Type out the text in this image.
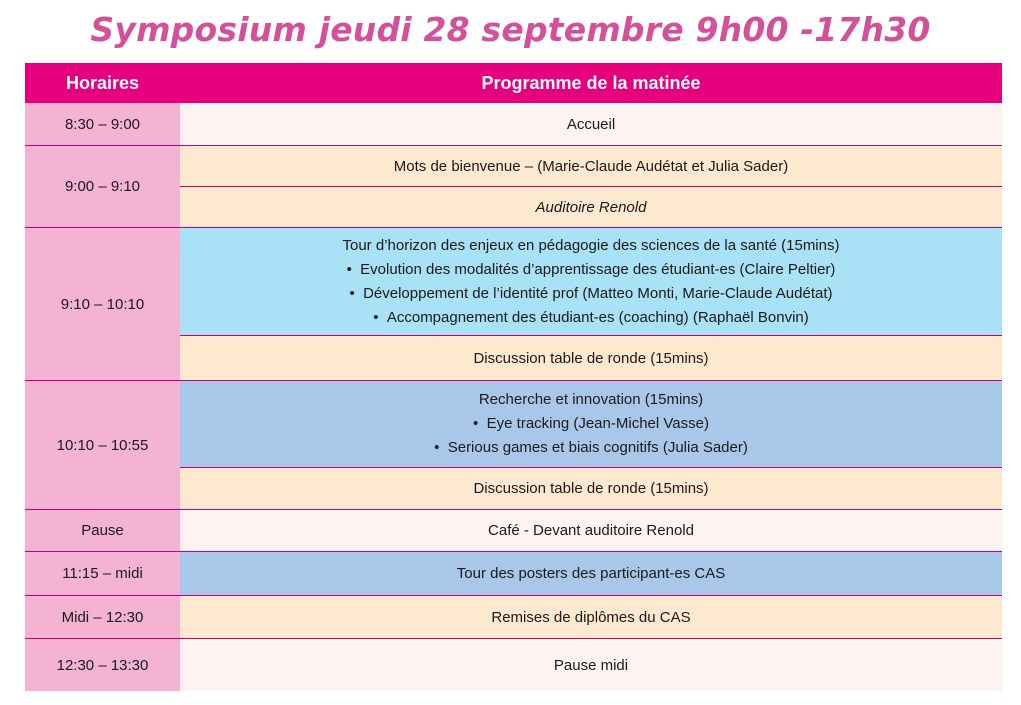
Symposium jeudi 28 septembre 9h00 -17h30
Horaires	Programme de la matinée
8:30 – 9:00	Accueil
9:00 – 9:10	Mots de bienvenue – (Marie-Claude Audétat et Julia Sader)
	Auditoire Renold
9:10 – 10:10	Tour d’horizon des enjeux en pédagogie des sciences de la santé (15mins)
•  Evolution des modalités d’apprentissage des étudiant-es (Claire Peltier)
•  Développement de l’identité prof (Matteo Monti, Marie-Claude Audétat)
•  Accompagnement des étudiant-es (coaching) (Raphaël Bonvin)

	Discussion table de ronde (15mins)
10:10 – 10:55	Recherche et innovation (15mins)
•  Eye tracking (Jean-Michel Vasse)
•  Serious games et biais cognitifs (Julia Sader)

	Discussion table de ronde (15mins)
Pause	Café - Devant auditoire Renold
11:15 – midi	Tour des posters des participant-es CAS
Midi – 12:30	Remises de diplômes du CAS
12:30 – 13:30	Pause midi
